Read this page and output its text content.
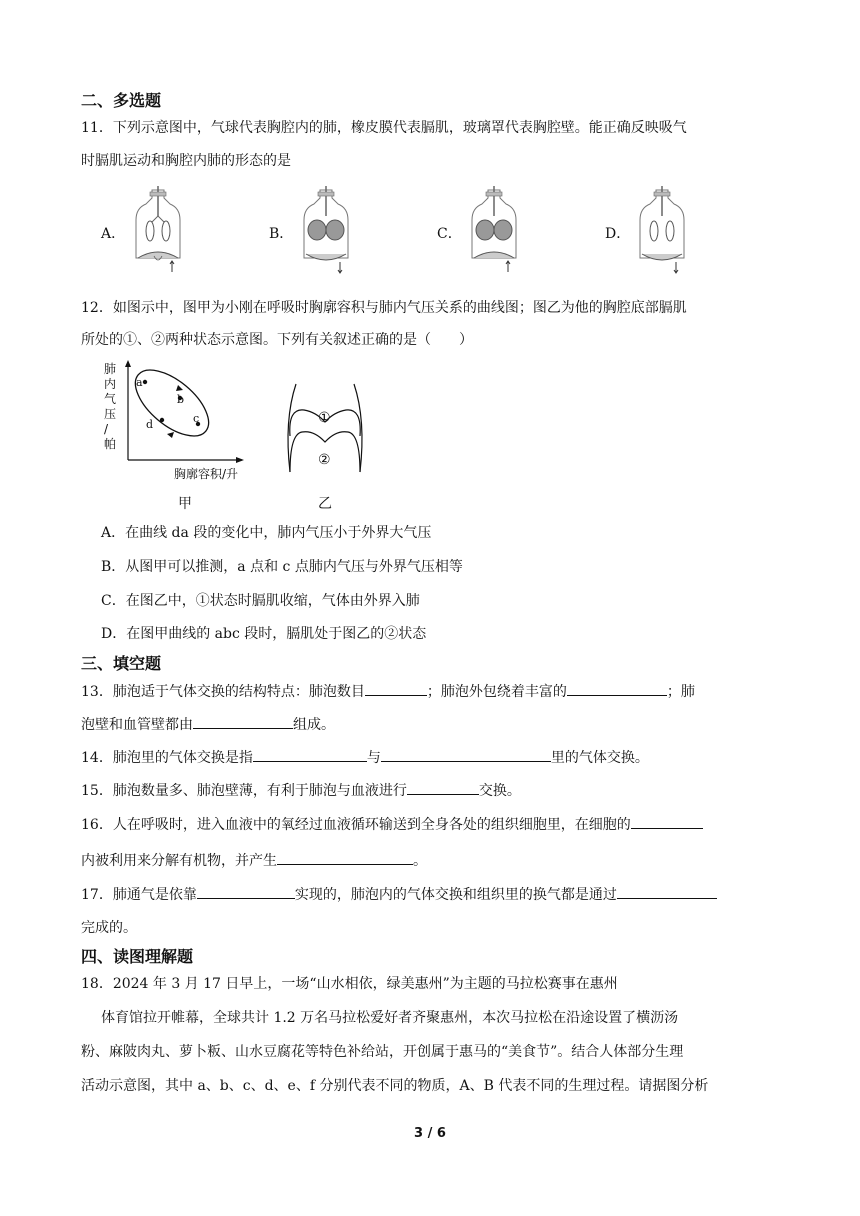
二、多选题
11．下列示意图中，气球代表胸腔内的肺，橡皮膜代表膈肌，玻璃罩代表胸腔壁。能正确反映吸气
时膈肌运动和胸腔内肺的形态的是
A．	B．	C．	D．
12．如图示中，图甲为小刚在呼吸时胸廓容积与肺内气压关系的曲线图；图乙为他的胸腔底部膈肌
所处的①、②两种状态示意图。下列有关叙述正确的是（　　）
肺
内
气
压
/
帕
a
b
c
d
胸廓容积/升
甲
①
②
乙
A．在曲线 da 段的变化中，肺内气压小于外界大气压
B．从图甲可以推测，a 点和 c 点肺内气压与外界气压相等
C．在图乙中，①状态时膈肌收缩，气体由外界入肺
D．在图甲曲线的 abc 段时，膈肌处于图乙的②状态
三、填空题
13．肺泡适于气体交换的结构特点：肺泡数目	；肺泡外包绕着丰富的	；肺
泡壁和血管壁都由	组成。
14．肺泡里的气体交换是指	与	里的气体交换。
15．肺泡数量多、肺泡壁薄，有利于肺泡与血液进行	交换。
16．人在呼吸时，进入血液中的氧经过血液循环输送到全身各处的组织细胞里，在细胞的
内被利用来分解有机物，并产生	。
17．肺通气是依靠	实现的，肺泡内的气体交换和组织里的换气都是通过
完成的。
四、读图理解题
18．2024 年 3 月 17 日早上，一场“山水相依，绿美惠州”为主题的马拉松赛事在惠州
体育馆拉开帷幕，全球共计 1.2 万名马拉松爱好者齐聚惠州，本次马拉松在沿途设置了横沥汤
粉、麻陂肉丸、萝卜粄、山水豆腐花等特色补给站，开创属于惠马的“美食节”。结合人体部分生理
活动示意图，其中 a、b、c、d、e、f 分别代表不同的物质，A、B 代表不同的生理过程。请据图分析
3 / 6
